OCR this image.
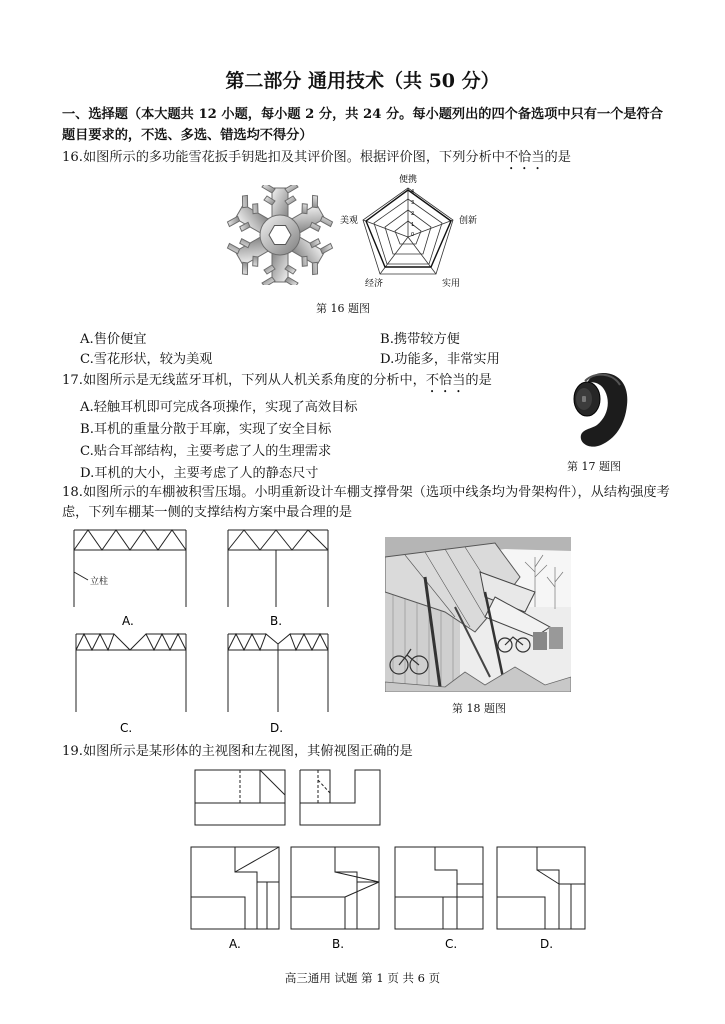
第二部分 通用技术（共 50 分）
一、选择题（本大题共 12 小题，每小题 2 分，共 24 分。每小题列出的四个备选项中只有一个是符合题目要求的，不选、多选、错选均不得分）
16.如图所示的多功能雪花扳手钥匙扣及其评价图。根据评价图，下列分析中不恰当的是
便携
创新
实用
经济
美观
4
3
2
1
0
第 16 题图
A.售价便宜	B.携带较方便
C.雪花形状，较为美观	D.功能多，非常实用
17.如图所示是无线蓝牙耳机，下列从人机关系角度的分析中，不恰当的是
A.轻触耳机即可完成各项操作，实现了高效目标
B.耳机的重量分散于耳廓，实现了安全目标
C.贴合耳部结构，主要考虑了人的生理需求
D.耳机的大小，主要考虑了人的静态尺寸	第 17 题图
18.如图所示的车棚被积雪压塌。小明重新设计车棚支撑骨架（选项中线条均为骨架构件），从结构强度考虑，下列车棚某一侧的支撑结构方案中最合理的是
立柱
A.	B.
C.	D.
第 18 题图
19.如图所示是某形体的主视图和左视图，其俯视图正确的是
A.	B.	C.	D.
高三通用 试题 第 1 页 共 6 页
